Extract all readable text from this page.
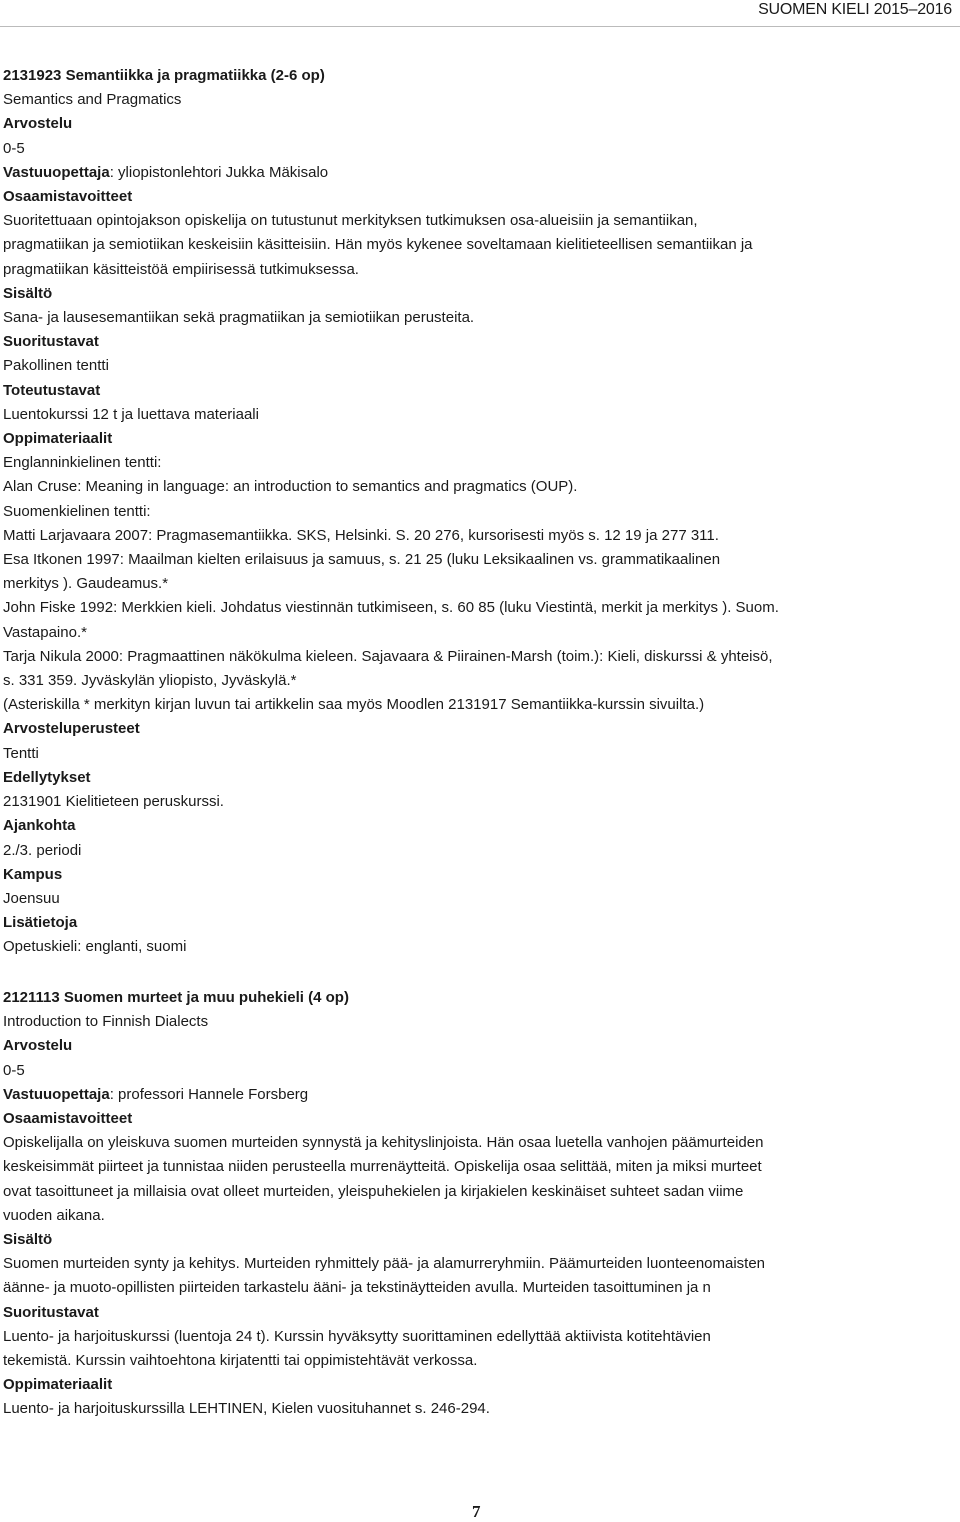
SUOMEN KIELI 2015–2016
2131923 Semantiikka ja pragmatiikka (2-6 op)
Semantics and Pragmatics
Arvostelu
0-5
Vastuuopettaja: yliopistonlehtori Jukka Mäkisalo
Osaamistavoitteet
Suoritettuaan opintojakson opiskelija on tutustunut merkityksen tutkimuksen osa-alueisiin ja semantiikan,
pragmatiikan ja semiotiikan keskeisiin käsitteisiin. Hän myös kykenee soveltamaan kielitieteellisen semantiikan ja
pragmatiikan käsitteistöä empiirisessä tutkimuksessa.
Sisältö
Sana- ja lausesemantiikan sekä pragmatiikan ja semiotiikan perusteita.
Suoritustavat
Pakollinen tentti
Toteutustavat
Luentokurssi 12 t ja luettava materiaali
Oppimateriaalit
Englanninkielinen tentti:
Alan Cruse: Meaning in language: an introduction to semantics and pragmatics (OUP).
Suomenkielinen tentti:
Matti Larjavaara 2007: Pragmasemantiikka. SKS, Helsinki. S. 20 276, kursorisesti myös s. 12 19 ja 277 311.
Esa Itkonen 1997: Maailman kielten erilaisuus ja samuus, s. 21 25 (luku Leksikaalinen vs. grammatikaalinen
merkitys ). Gaudeamus.*
John Fiske 1992: Merkkien kieli. Johdatus viestinnän tutkimiseen, s. 60 85 (luku Viestintä, merkit ja merkitys ). Suom.
Vastapaino.*
Tarja Nikula 2000: Pragmaattinen näkökulma kieleen. Sajavaara & Piirainen-Marsh (toim.): Kieli, diskurssi & yhteisö,
s. 331 359. Jyväskylän yliopisto, Jyväskylä.*
(Asteriskilla * merkityn kirjan luvun tai artikkelin saa myös Moodlen 2131917 Semantiikka-kurssin sivuilta.)
Arvosteluperusteet
Tentti
Edellytykset
2131901 Kielitieteen peruskurssi.
Ajankohta
2./3. periodi
Kampus
Joensuu
Lisätietoja
Opetuskieli: englanti, suomi
2121113 Suomen murteet ja muu puhekieli (4 op)
Introduction to Finnish Dialects
Arvostelu
0-5
Vastuuopettaja: professori Hannele Forsberg
Osaamistavoitteet
Opiskelijalla on yleiskuva suomen murteiden synnystä ja kehityslinjoista. Hän osaa luetella vanhojen päämurteiden
keskeisimmät piirteet ja tunnistaa niiden perusteella murrenäytteitä. Opiskelija osaa selittää, miten ja miksi murteet
ovat tasoittuneet ja millaisia ovat olleet murteiden, yleispuhekielen ja kirjakielen keskinäiset suhteet sadan viime
vuoden aikana.
Sisältö
Suomen murteiden synty ja kehitys. Murteiden ryhmittely pää- ja alamurreryhmiin. Päämurteiden luonteenomaisten
äänne- ja muoto-opillisten piirteiden tarkastelu ääni- ja tekstinäytteiden avulla. Murteiden tasoittuminen ja n
Suoritustavat
Luento- ja harjoituskurssi (luentoja 24 t). Kurssin hyväksytty suorittaminen edellyttää aktiivista kotitehtävien
tekemistä. Kurssin vaihtoehtona kirjatentti tai oppimistehtävät verkossa.
Oppimateriaalit
Luento- ja harjoituskurssilla LEHTINEN, Kielen vuosituhannet s. 246-294.
7
